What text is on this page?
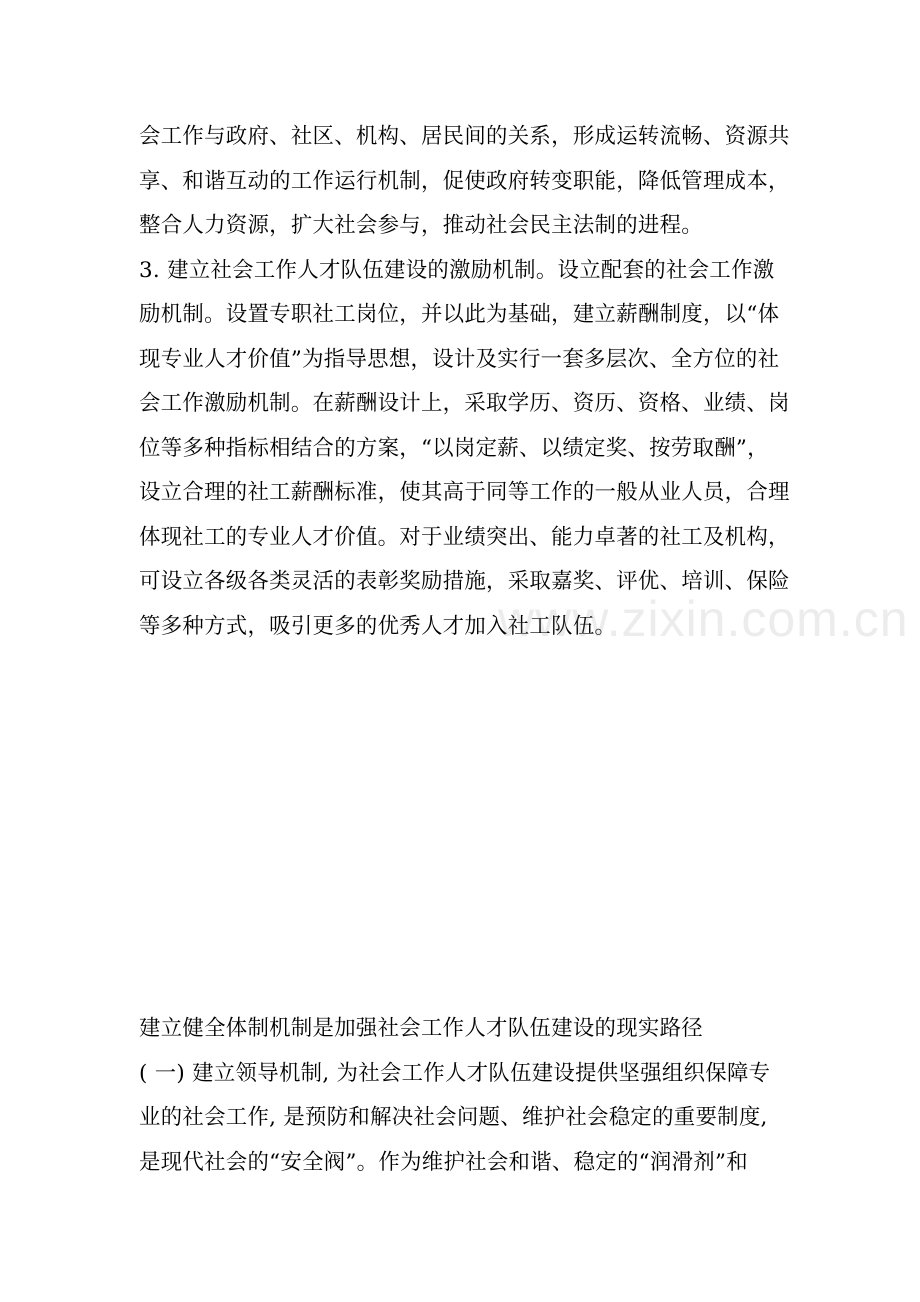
会工作与政府、社区、机构、居民间的关系，形成运转流畅、资源共
享、和谐互动的工作运行机制，促使政府转变职能，降低管理成本，
整合人力资源，扩大社会参与，推动社会民主法制的进程。
3. 建立社会工作人才队伍建设的激励机制。设立配套的社会工作激
励机制。设置专职社工岗位，并以此为基础，建立薪酬制度，以“体
现专业人才价值”为指导思想，设计及实行一套多层次、全方位的社
会工作激励机制。在薪酬设计上，采取学历、资历、资格、业绩、岗
位等多种指标相结合的方案，“以岗定薪、以绩定奖、按劳取酬”，
设立合理的社工薪酬标准，使其高于同等工作的一般从业人员，合理
体现社工的专业人才价值。对于业绩突出、能力卓著的社工及机构，
可设立各级各类灵活的表彰奖励措施，采取嘉奖、评优、培训、保险
等多种方式，吸引更多的优秀人才加入社工队伍。
建立健全体制机制是加强社会工作人才队伍建设的现实路径
( 一) 建立领导机制, 为社会工作人才队伍建设提供坚强组织保障专
业的社会工作, 是预防和解决社会问题、维护社会稳定的重要制度,
是现代社会的“安全阀”。作为维护社会和谐、稳定的“润滑剂”和
www.zixin.com.cn
